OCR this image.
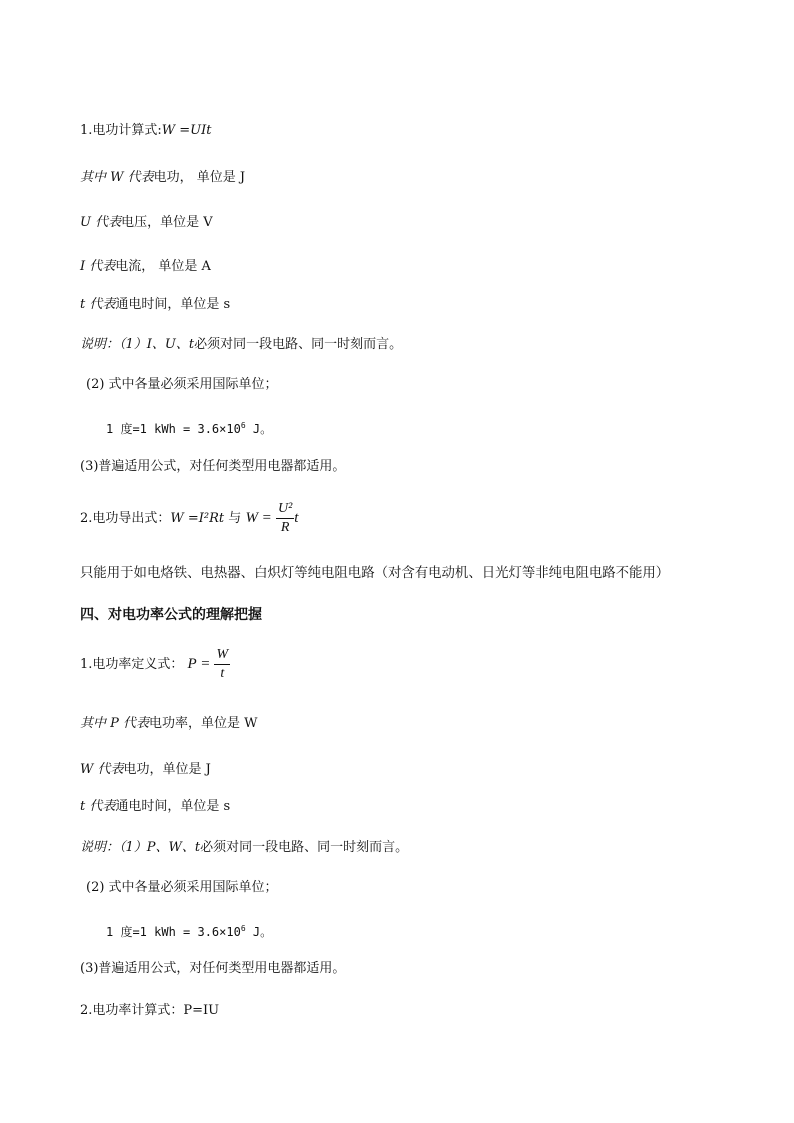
1.电功计算式:W =UIt
其中 W 代表电功， 单位是 J
U 代表电压，单位是 V
I 代表电流， 单位是 A
t 代表通电时间，单位是 s
说明：（1）I、U、t必须对同一段电路、同一时刻而言。
(2) 式中各量必须采用国际单位；
1 度=1 kWh = $3.6\times 10^6$ J。
(3)普遍适用公式，对任何类型用电器都适用。
2.电功导出式：W =I²Rt 与 $W = \frac{\text{U²}}{R}$ t
只能用于如电烙铁、电热器、白炽灯等纯电阻电路（对含有电动机、日光灯等非纯电阻电路不能用）
四、对电功率公式的理解把握
1.电功率定义式： $P = \frac{W}{t}$
其中 P 代表电功率，单位是 W
W 代表电功，单位是 J
t 代表通电时间，单位是 s
说明：（1）P、W、t必须对同一段电路、同一时刻而言。
(2) 式中各量必须采用国际单位；
1 度=1 kWh = $3.6\times 10^6$ J。
(3)普遍适用公式，对任何类型用电器都适用。
2.电功率计算式：P=IU
